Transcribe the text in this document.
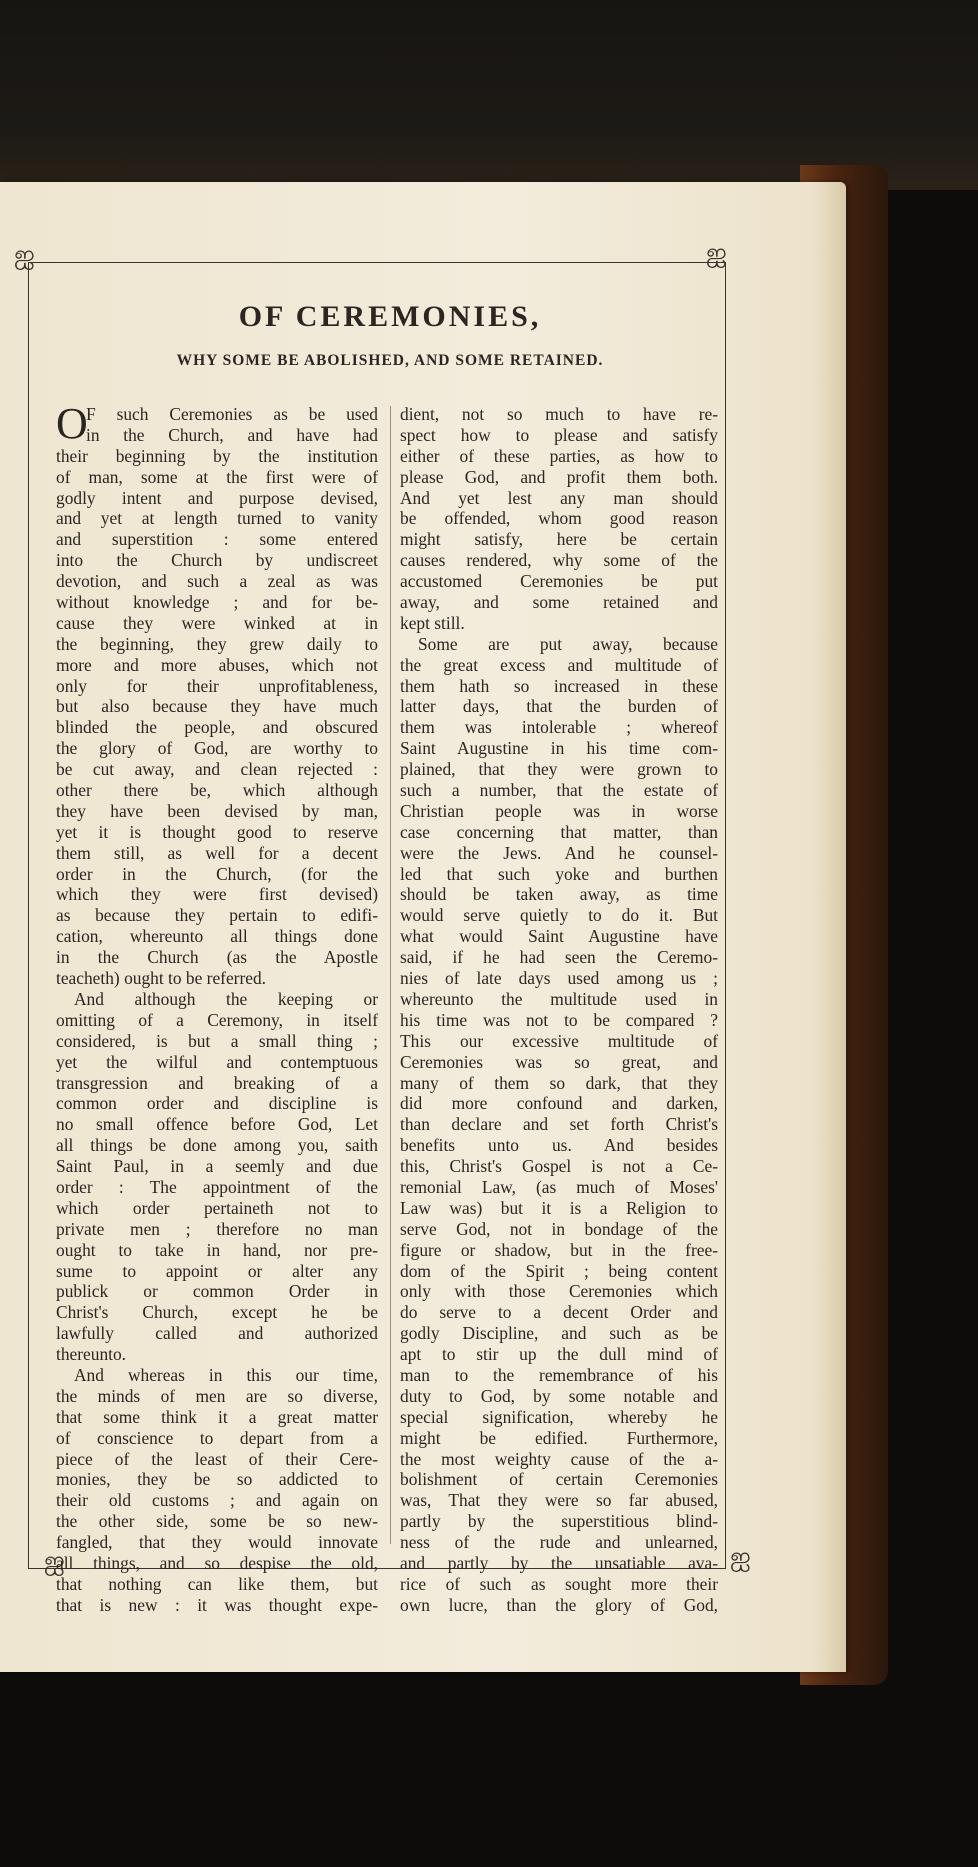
ஐ	ஐ
ஐ	ஐ
OF CEREMONIES,
WHY SOME BE ABOLISHED, AND SOME RETAINED.
O
F such Ceremonies as be used
in the Church, and have had
their beginning by the institution
of man, some at the first were of
godly intent and purpose devised,
and yet at length turned to vanity
and superstition : some entered
into the Church by undiscreet
devotion, and such a zeal as was
without knowledge ; and for be-
cause they were winked at in
the beginning, they grew daily to
more and more abuses, which not
only for their unprofitableness,
but also because they have much
blinded the people, and obscured
the glory of God, are worthy to
be cut away, and clean rejected :
other there be, which although
they have been devised by man,
yet it is thought good to reserve
them still, as well for a decent
order in the Church, (for the
which they were first devised)
as because they pertain to edifi-
cation, whereunto all things done
in the Church (as the Apostle
teacheth) ought to be referred.
And although the keeping or
omitting of a Ceremony, in itself
considered, is but a small thing ;
yet the wilful and contemptuous
transgression and breaking of a
common order and discipline is
no small offence before God, Let
all things be done among you, saith
Saint Paul, in a seemly and due
order : The appointment of the
which order pertaineth not to
private men ; therefore no man
ought to take in hand, nor pre-
sume to appoint or alter any
publick or common Order in
Christ's Church, except he be
lawfully called and authorized
thereunto.
And whereas in this our time,
the minds of men are so diverse,
that some think it a great matter
of conscience to depart from a
piece of the least of their Cere-
monies, they be so addicted to
their old customs ; and again on
the other side, some be so new-
fangled, that they would innovate
all things, and so despise the old,
that nothing can like them, but
that is new : it was thought expe-
dient, not so much to have re-
spect how to please and satisfy
either of these parties, as how to
please God, and profit them both.
And yet lest any man should
be offended, whom good reason
might satisfy, here be certain
causes rendered, why some of the
accustomed Ceremonies be put
away, and some retained and
kept still.
Some are put away, because
the great excess and multitude of
them hath so increased in these
latter days, that the burden of
them was intolerable ; whereof
Saint Augustine in his time com-
plained, that they were grown to
such a number, that the estate of
Christian people was in worse
case concerning that matter, than
were the Jews. And he counsel-
led that such yoke and burthen
should be taken away, as time
would serve quietly to do it. But
what would Saint Augustine have
said, if he had seen the Ceremo-
nies of late days used among us ;
whereunto the multitude used in
his time was not to be compared ?
This our excessive multitude of
Ceremonies was so great, and
many of them so dark, that they
did more confound and darken,
than declare and set forth Christ's
benefits unto us. And besides
this, Christ's Gospel is not a Ce-
remonial Law, (as much of Moses'
Law was) but it is a Religion to
serve God, not in bondage of the
figure or shadow, but in the free-
dom of the Spirit ; being content
only with those Ceremonies which
do serve to a decent Order and
godly Discipline, and such as be
apt to stir up the dull mind of
man to the remembrance of his
duty to God, by some notable and
special signification, whereby he
might be edified. Furthermore,
the most weighty cause of the a-
bolishment of certain Ceremonies
was, That they were so far abused,
partly by the superstitious blind-
ness of the rude and unlearned,
and partly by the unsatiable ava-
rice of such as sought more their
own lucre, than the glory of God,
